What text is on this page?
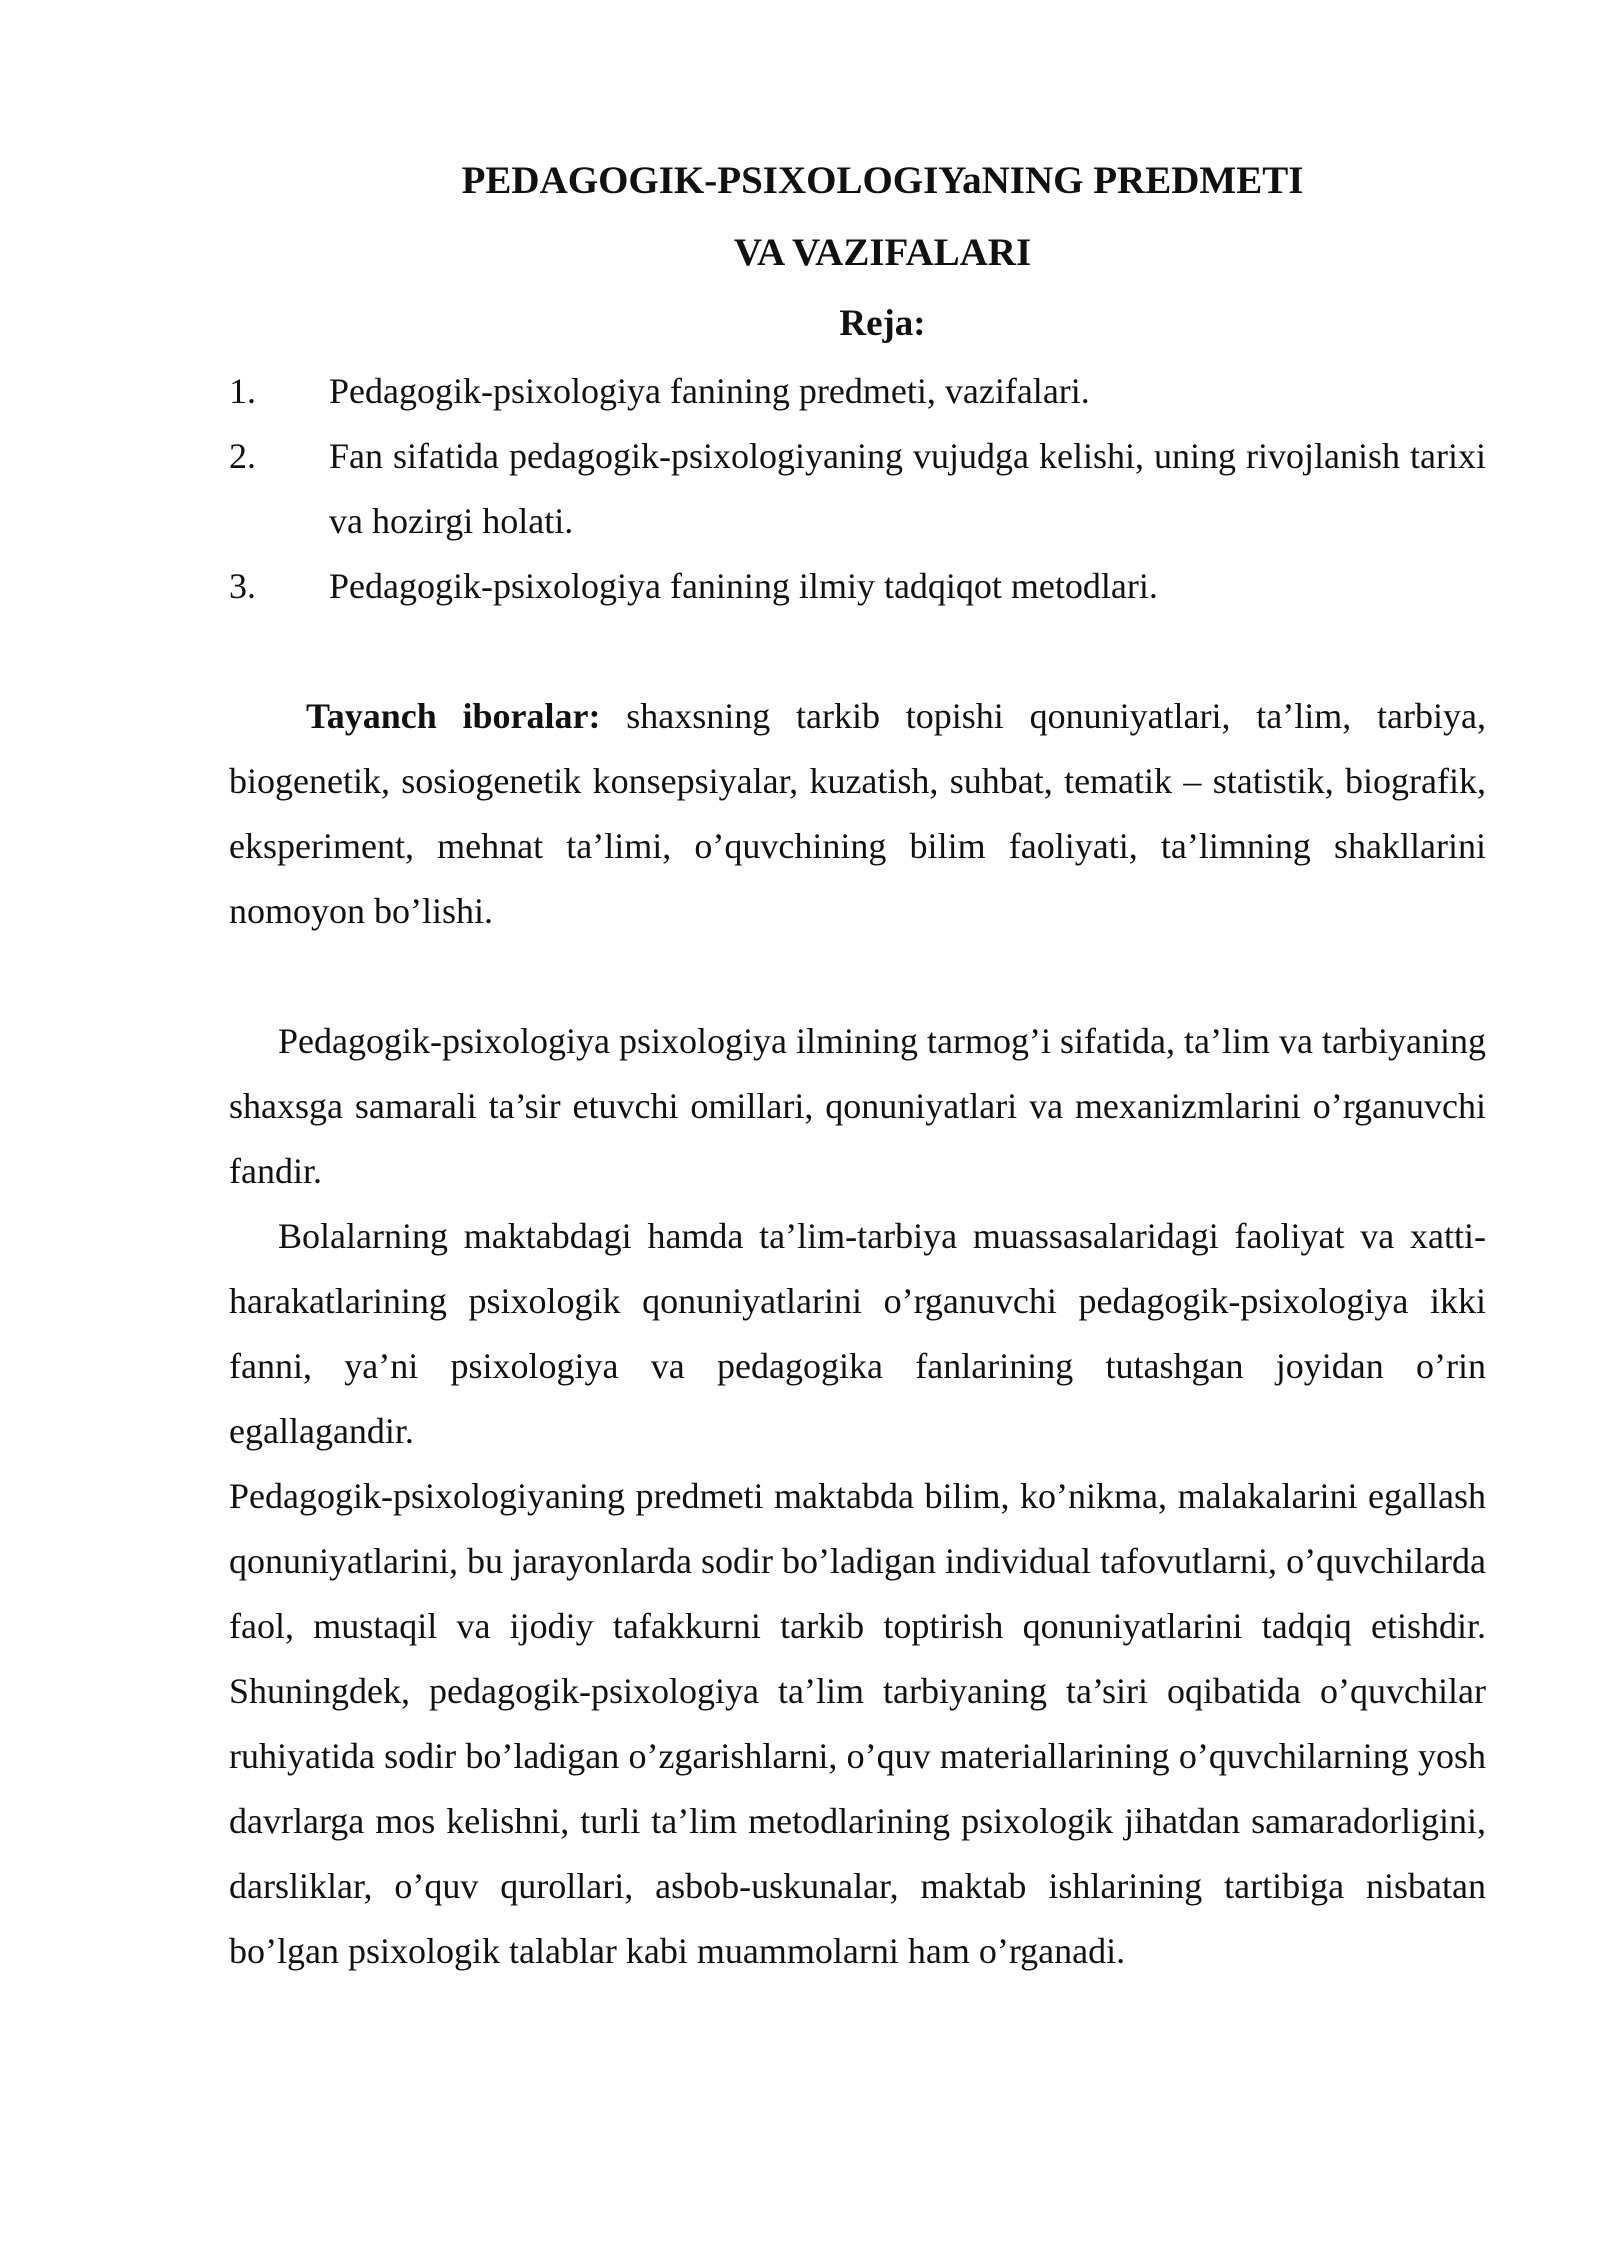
PEDAGOGIK-PSIXOLOGIYaNING PREDMETI
VA VAZIFALARI
Reja:
1. Pedagogik-psixologiya fanining predmeti, vazifalari.
2. Fan sifatida pedagogik-psixologiyaning vujudga kelishi, uning rivojlanish tarixi va hozirgi holati.
3. Pedagogik-psixologiya fanining ilmiy tadqiqot metodlari.

Tayanch iboralar: shaxsning tarkib topishi qonuniyatlari, ta’lim, tarbiya, biogenetik, sosiogenetik konsepsiyalar, kuzatish, suhbat, tematik – statistik, biografik, eksperiment, mehnat ta’limi, o’quvchining bilim faoliyati, ta’limning shakllarini nomoyon bo’lishi.

Pedagogik-psixologiya psixologiya ilmining tarmog’i sifatida, ta’lim va tarbiyaning shaxsga samarali ta’sir etuvchi omillari, qonuniyatlari va mexanizmlarini o’rganuvchi fandir.

Bolalarning maktabdagi hamda ta’lim-tarbiya muassasalaridagi faoliyat va xatti-harakatlarining psixologik qonuniyatlarini o’rganuvchi pedagogik-psixologiya ikki fanni, ya’ni psixologiya va pedagogika fanlarining tutashgan joyidan o’rin egallagandir.

Pedagogik-psixologiyaning predmeti maktabda bilim, ko’nikma, malakalarini egallash qonuniyatlarini, bu jarayonlarda sodir bo’ladigan individual tafovutlarni, o’quvchilarda faol, mustaqil va ijodiy tafakkurni tarkib toptirish qonuniyatlarini tadqiq etishdir. Shuningdek, pedagogik-psixologiya ta’lim tarbiyaning ta’siri oqibatida o’quvchilar ruhiyatida sodir bo’ladigan o’zgarishlarni, o’quv materiallarining o’quvchilarning yosh davrlarga mos kelishni, turli ta’lim metodlarining psixologik jihatdan samaradorligini, darsliklar, o’quv qurollari, asbob-uskunalar, maktab ishlarining tartibiga nisbatan bo’lgan psixologik talablar kabi muammolarni ham o’rganadi.
